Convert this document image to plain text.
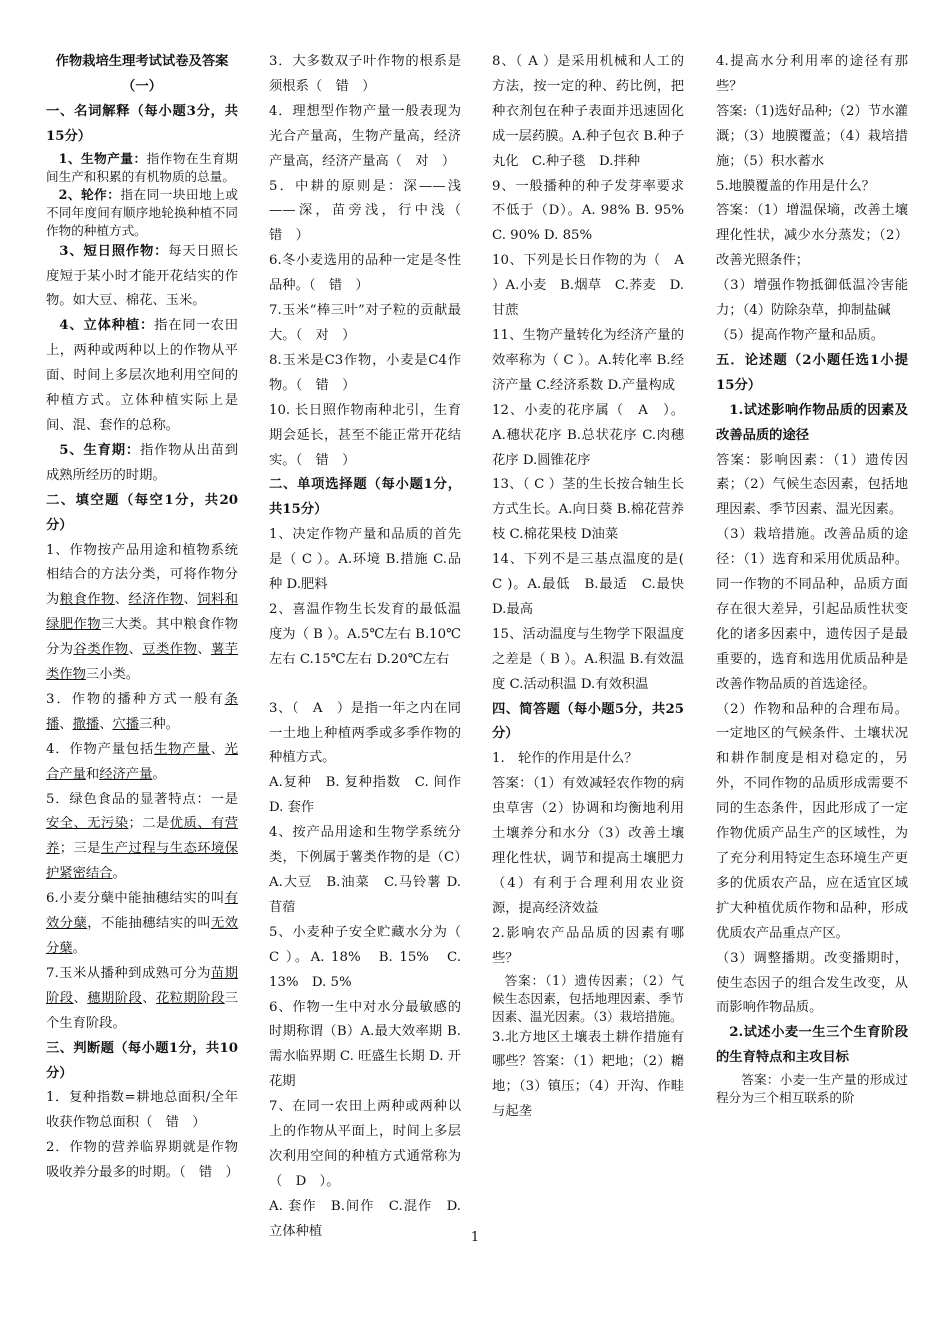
作物栽培生理考试试卷及答案

（一）

一、名词解释（每小题3分，共15分）

1、生物产量：指作物在生育期间生产和积累的有机物质的总量。

2、轮作：指在同一块田地上或不同年度间有顺序地轮换种植不同作物的种植方式。

3、短日照作物：每天日照长度短于某小时才能开花结实的作物。如大豆、棉花、玉米。

4、立体种植：指在同一农田上，两种或两种以上的作物从平面、时间上多层次地利用空间的种植方式。立体种植实际上是间、混、套作的总称。

5、生育期：指作物从出苗到成熟所经历的时期。

二、填空题（每空1分，共20分）

1、作物按产品用途和植物系统相结合的方法分类，可将作物分为粮食作物、经济作物、饲料和绿肥作物三大类。其中粮食作物分为谷类作物、豆类作物、薯芋类作物三小类。

3．作物的播种方式一般有条播、撒播、穴播三种。

4．作物产量包括生物产量、光合产量和经济产量。

5．绿色食品的显著特点：一是安全、无污染；二是优质、有营养；三是生产过程与生态环境保护紧密结合。

6.小麦分蘖中能抽穗结实的叫有效分蘖，不能抽穗结实的叫无效分蘖。

7.玉米从播种到成熟可分为苗期阶段、穗期阶段、花粒期阶段三个生育阶段。

三、判断题（每小题1分，共10分）

1．复种指数=耕地总面积/全年收获作物总面积（　错　）

2．作物的营养临界期就是作物吸收养分最多的时期。（　错　）

3．大多数双子叶作物的根系是须根系（　错　）

4．理想型作物产量一般表现为光合产量高，生物产量高，经济产量高，经济产量高（　对　）

5．中耕的原则是：深——浅——深，苗旁浅，行中浅（　错　）

6.冬小麦选用的品种一定是冬性品种。（　错　）

7.玉米“棒三叶”对子粒的贡献最大。（　对　）

8.玉米是C3作物，小麦是C4作物。（　错　）

10. 长日照作物南种北引，生育期会延长，甚至不能正常开花结实。（　错　）

二、单项选择题（每小题1分，共15分）

1、决定作物产量和品质的首先是（ C ）。A.环境 B.措施 C.品种 D.肥料

2、喜温作物生长发育的最低温度为（ B ）。A.5℃左右 B.10℃左右 C.15℃左右 D.20℃左右

3、（　A　）是指一年之内在同一土地上种植两季或多季作物的种植方式。

A.复种　B. 复种指数　C. 间作　D. 套作

4、按产品用途和生物学系统分类，下例属于薯类作物的是（C）A.大豆　B.油菜　C.马铃薯 D.苜蓿

5、小麦种子安全贮藏水分为（ C ）。A. 18%　B. 15%　C. 13%　D. 5%

6、作物一生中对水分最敏感的时期称谓（B）A.最大效率期 B.需水临界期 C. 旺盛生长期 D. 开花期

7、在同一农田上两种或两种以上的作物从平面上，时间上多层次利用空间的种植方式通常称为（　D　）。

A. 套作　B.间作　C.混作　D. 立体种植

8、（ A ）是采用机械和人工的方法，按一定的种、药比例，把种衣剂包在种子表面并迅速固化成一层药膜。A.种子包衣 B.种子丸化　C.种子毯　D.拌种

9、一般播种的种子发芽率要求不低于（D）。A. 98% B. 95% C. 90% D. 85%

10、下列是长日作物的为（　A ）A.小麦　B.烟草　C.荞麦　D.甘蔗

11、生物产量转化为经济产量的效率称为（ C ）。A.转化率 B.经济产量 C.经济系数 D.产量构成

12、小麦的花序属（　A　）。A.穗状花序 B.总状花序 C.肉穗花序 D.圆锥花序

13、（ C ）茎的生长按合轴生长方式生长。A.向日葵 B.棉花营养枝 C.棉花果枝 D油菜

14、下列不是三基点温度的是( C )。A.最低　B.最适　C.最快　D.最高

15、活动温度与生物学下限温度之差是（ B ）。A.积温 B.有效温度 C.活动积温 D.有效积温

四、简答题（每小题5分，共25分）

1.　轮作的作用是什么？

答案：（1）有效减轻农作物的病虫草害（2）协调和均衡地利用土壤养分和水分（3）改善土壤理化性状，调节和提高土壤肥力（4）有利于合理利用农业资源，提高经济效益

2.影响农产品品质的因素有哪些？

答案：（1）遗传因素；（2）气候生态因素，包括地理因素、季节因素、温光因素。（3）栽培措施。

3.北方地区土壤表土耕作措施有哪些？答案：（1）耙地；（2）耱地；（3）镇压；（4）开沟、作畦与起垄

4.提高水分利用率的途径有那些？

答案:（1)选好品种;（2）节水灌溉；（3）地膜覆盖；（4）栽培措施；（5）积水蓄水

5.地膜覆盖的作用是什么？

答案：（1）增温保墒，改善土壤理化性状，减少水分蒸发；（2）改善光照条件；

（3）增强作物抵御低温冷害能力；（4）防除杂草，抑制盐碱

（5）提高作物产量和品质。

五．论述题（2小题任选1小提15分）

1.试述影响作物品质的因素及改善品质的途径

答案：影响因素：（1）遗传因素；（2）气候生态因素，包括地理因素、季节因素、温光因素。

（3）栽培措施。改善品质的途径：（1）选育和采用优质品种。同一作物的不同品种，品质方面存在很大差异，引起品质性状变化的诸多因素中，遗传因子是最重要的，选育和选用优质品种是改善作物品质的首选途径。

（2）作物和品种的合理布局。一定地区的气候条件、土壤状况和耕作制度是相对稳定的，另外，不同作物的品质形成需要不同的生态条件，因此形成了一定作物优质产品生产的区域性，为了充分利用特定生态环境生产更多的优质农产品，应在适宜区域扩大种植优质作物和品种，形成优质农产品重点产区。

（3）调整播期。改变播期时，使生态因子的组合发生改变，从而影响作物品质。

2.试述小麦一生三个生育阶段的生育特点和主攻目标

答案：小麦一生产量的形成过程分为三个相互联系的阶

1
